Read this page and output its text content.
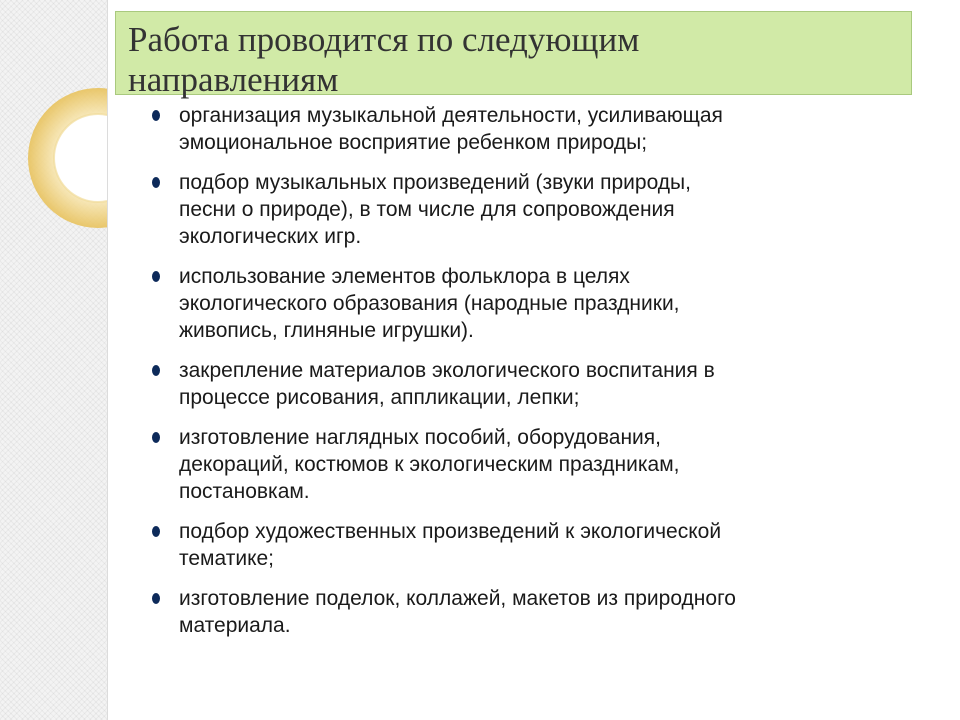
Работа проводится по следующим направлениям
организация музыкальной деятельности, усиливающая
эмоциональное восприятие ребенком природы;
подбор музыкальных произведений (звуки природы,
песни о природе), в том числе для сопровождения
экологических игр.
использование элементов фольклора в целях
экологического образования (народные праздники,
живопись, глиняные игрушки).
закрепление материалов экологического воспитания в
процессе рисования, аппликации, лепки;
изготовление наглядных пособий, оборудования,
декораций, костюмов к экологическим праздникам,
постановкам.
подбор художественных произведений к экологической
тематике;
изготовление поделок, коллажей, макетов из природного
материала.
